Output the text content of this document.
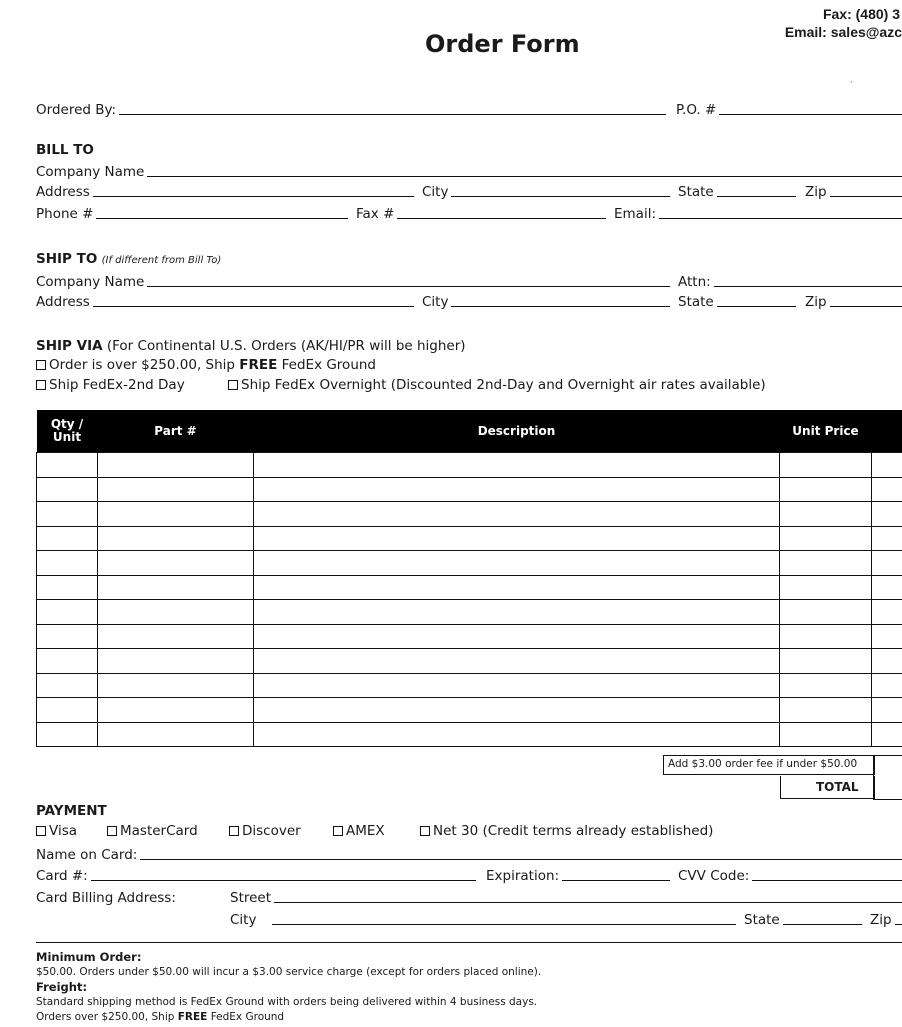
Fax: (480) 3
Email: sales@azc
Order Form
·
Ordered By:	P.O. #
BILL TO
Company Name
Address	City	State	Zip
Phone #	Fax #	Email:
SHIP TO (If different from Bill To)
Company Name	Attn:
Address	City	State	Zip
SHIP VIA (For Continental U.S. Orders (AK/HI/PR will be higher)
Order is over $250.00, Ship FREE FedEx Ground
Ship FedEx-2nd Day	Ship FedEx Overnight (Discounted 2nd-Day and Overnight air rates available)
Qty /
Unit	Part #	Description	Unit Price	

Add $3.00 order fee if under $50.00
TOTAL
PAYMENT
Visa	MasterCard	Discover	AMEX	Net 30 (Credit terms already established)
Name on Card:
Card #:	Expiration:	CVV Code:
Card Billing Address:	Street
City	State	Zip
Minimum Order:
$50.00. Orders under $50.00 will incur a $3.00 service charge (except for orders placed online).
Freight:
Standard shipping method is FedEx Ground with orders being delivered within 4 business days.
Orders over $250.00, Ship FREE FedEx Ground
